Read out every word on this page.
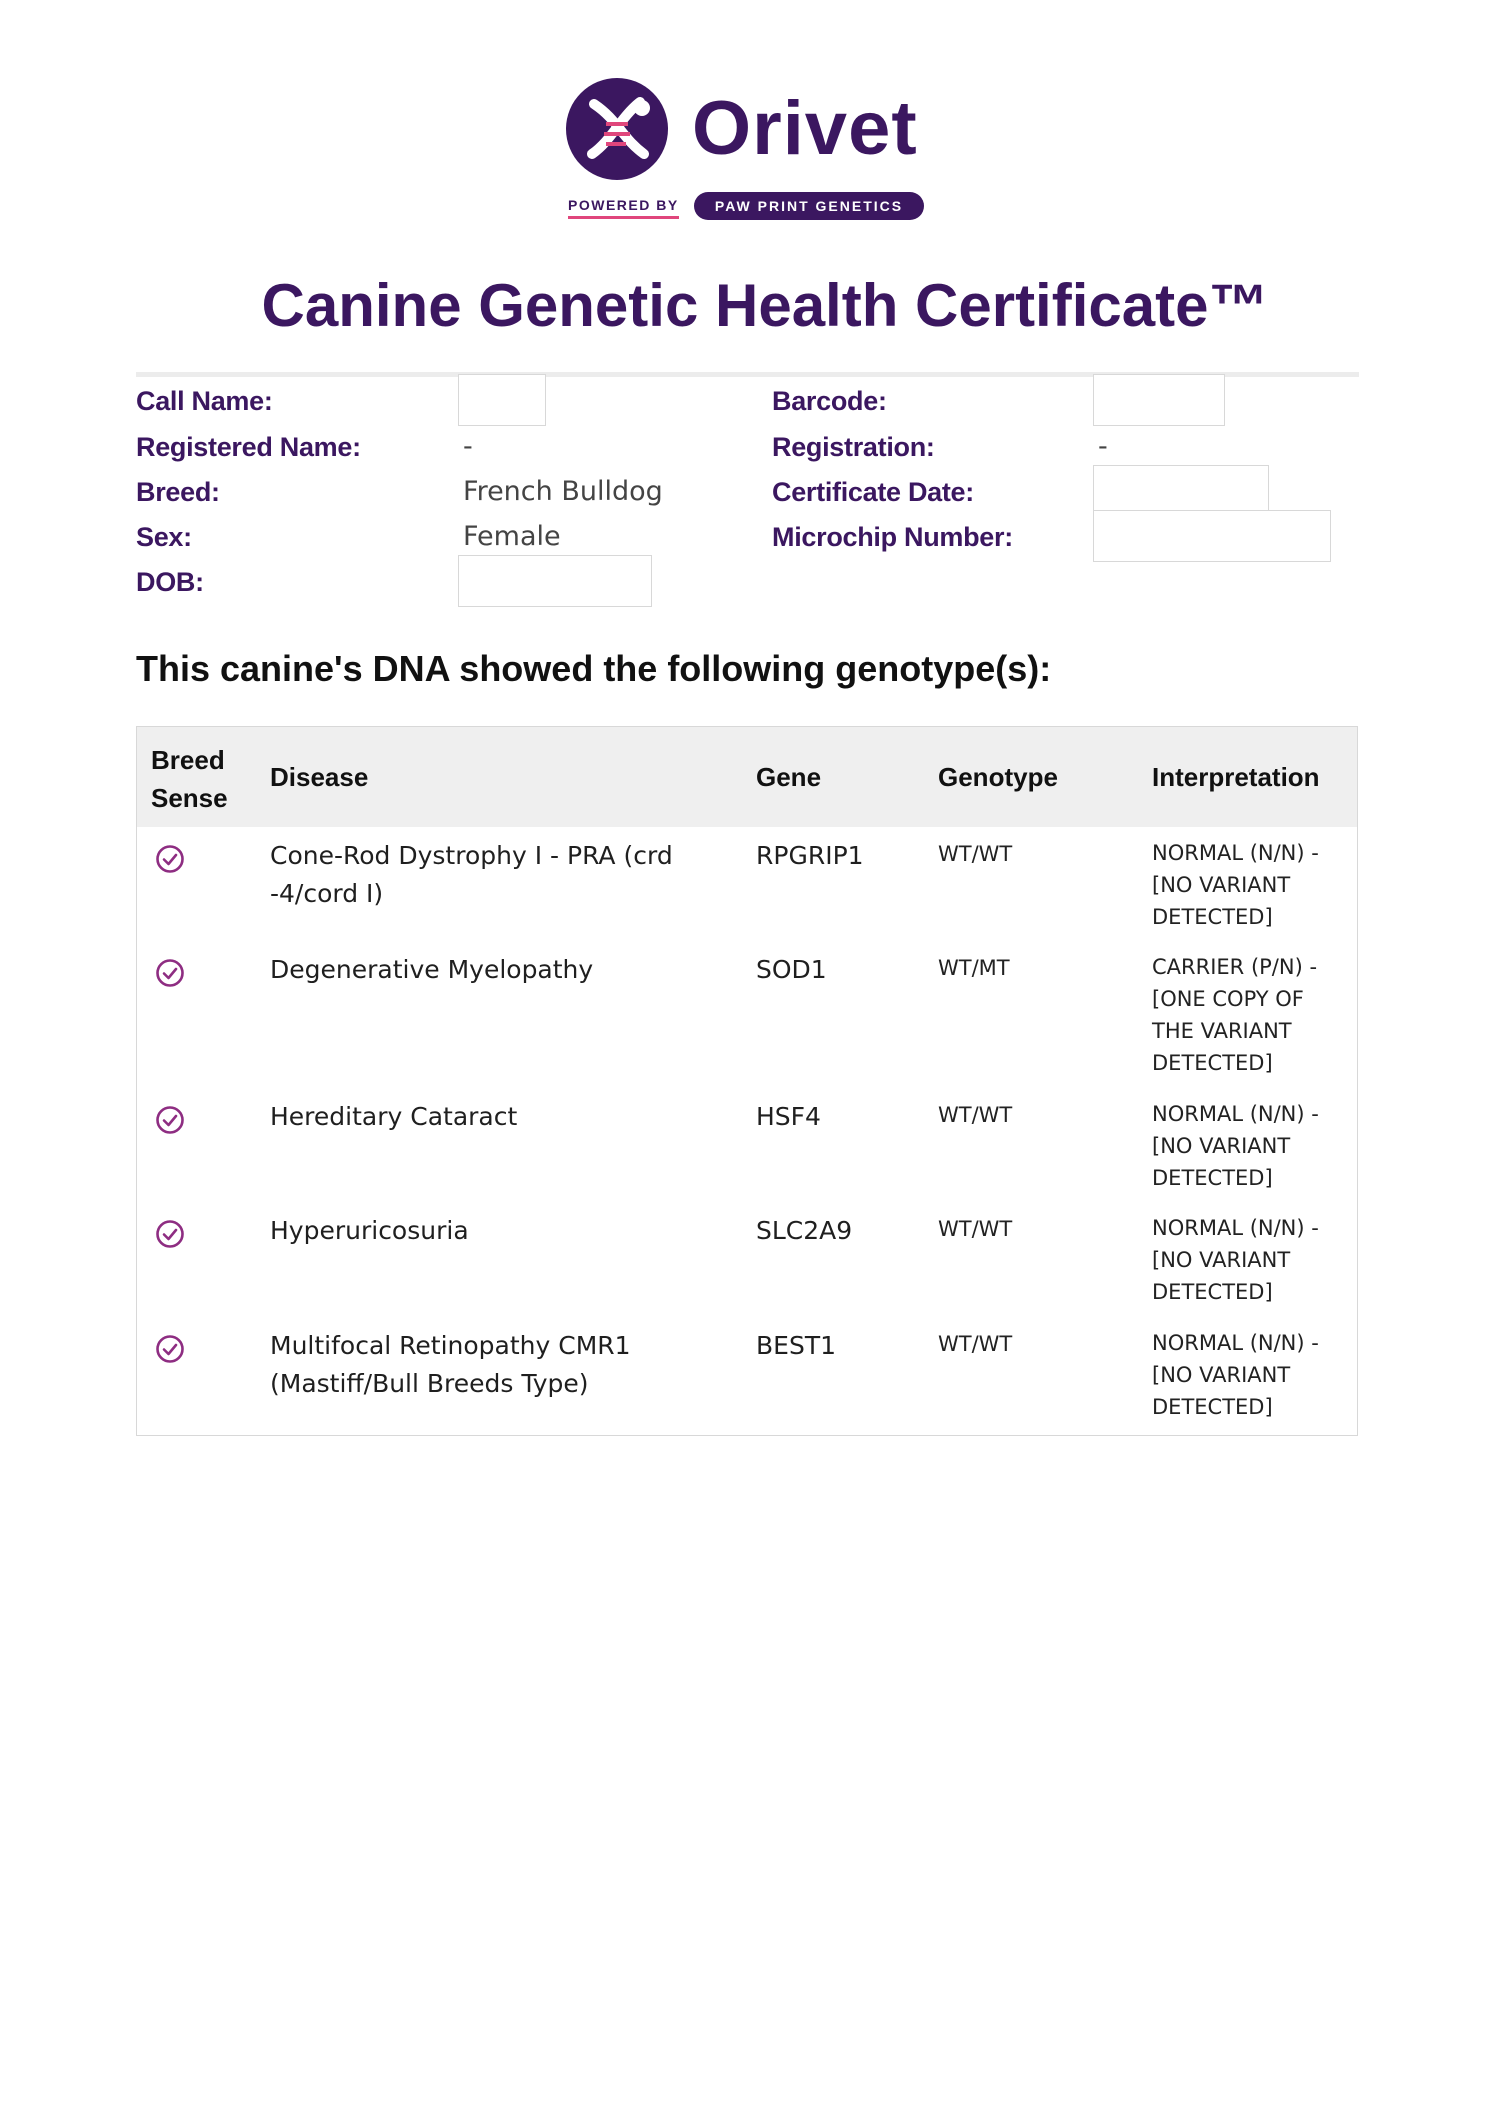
Orivet
POWERED BY	PAW PRINT GENETICS
Canine Genetic Health Certificate™
Call Name:
Registered Name:	-
Breed:	French Bulldog
Sex:	Female
DOB:
Barcode:
Registration:	-
Certificate Date:
Microchip Number:
This canine's DNA showed the following genotype(s):
Breed
Sense
Disease	Gene	Genotype	Interpretation
Cone-Rod Dystrophy I - PRA (crd
-4/cord I)
RPGRIP1	WT/WT	NORMAL (N/N) -
[NO VARIANT
DETECTED]
Degenerative Myelopathy	SOD1	WT/MT	CARRIER (P/N) -
[ONE COPY OF
THE VARIANT
DETECTED]
Hereditary Cataract	HSF4	WT/WT	NORMAL (N/N) -
[NO VARIANT
DETECTED]
Hyperuricosuria	SLC2A9	WT/WT	NORMAL (N/N) -
[NO VARIANT
DETECTED]
Multifocal Retinopathy CMR1
(Mastiff/Bull Breeds Type)
BEST1	WT/WT	NORMAL (N/N) -
[NO VARIANT
DETECTED]
